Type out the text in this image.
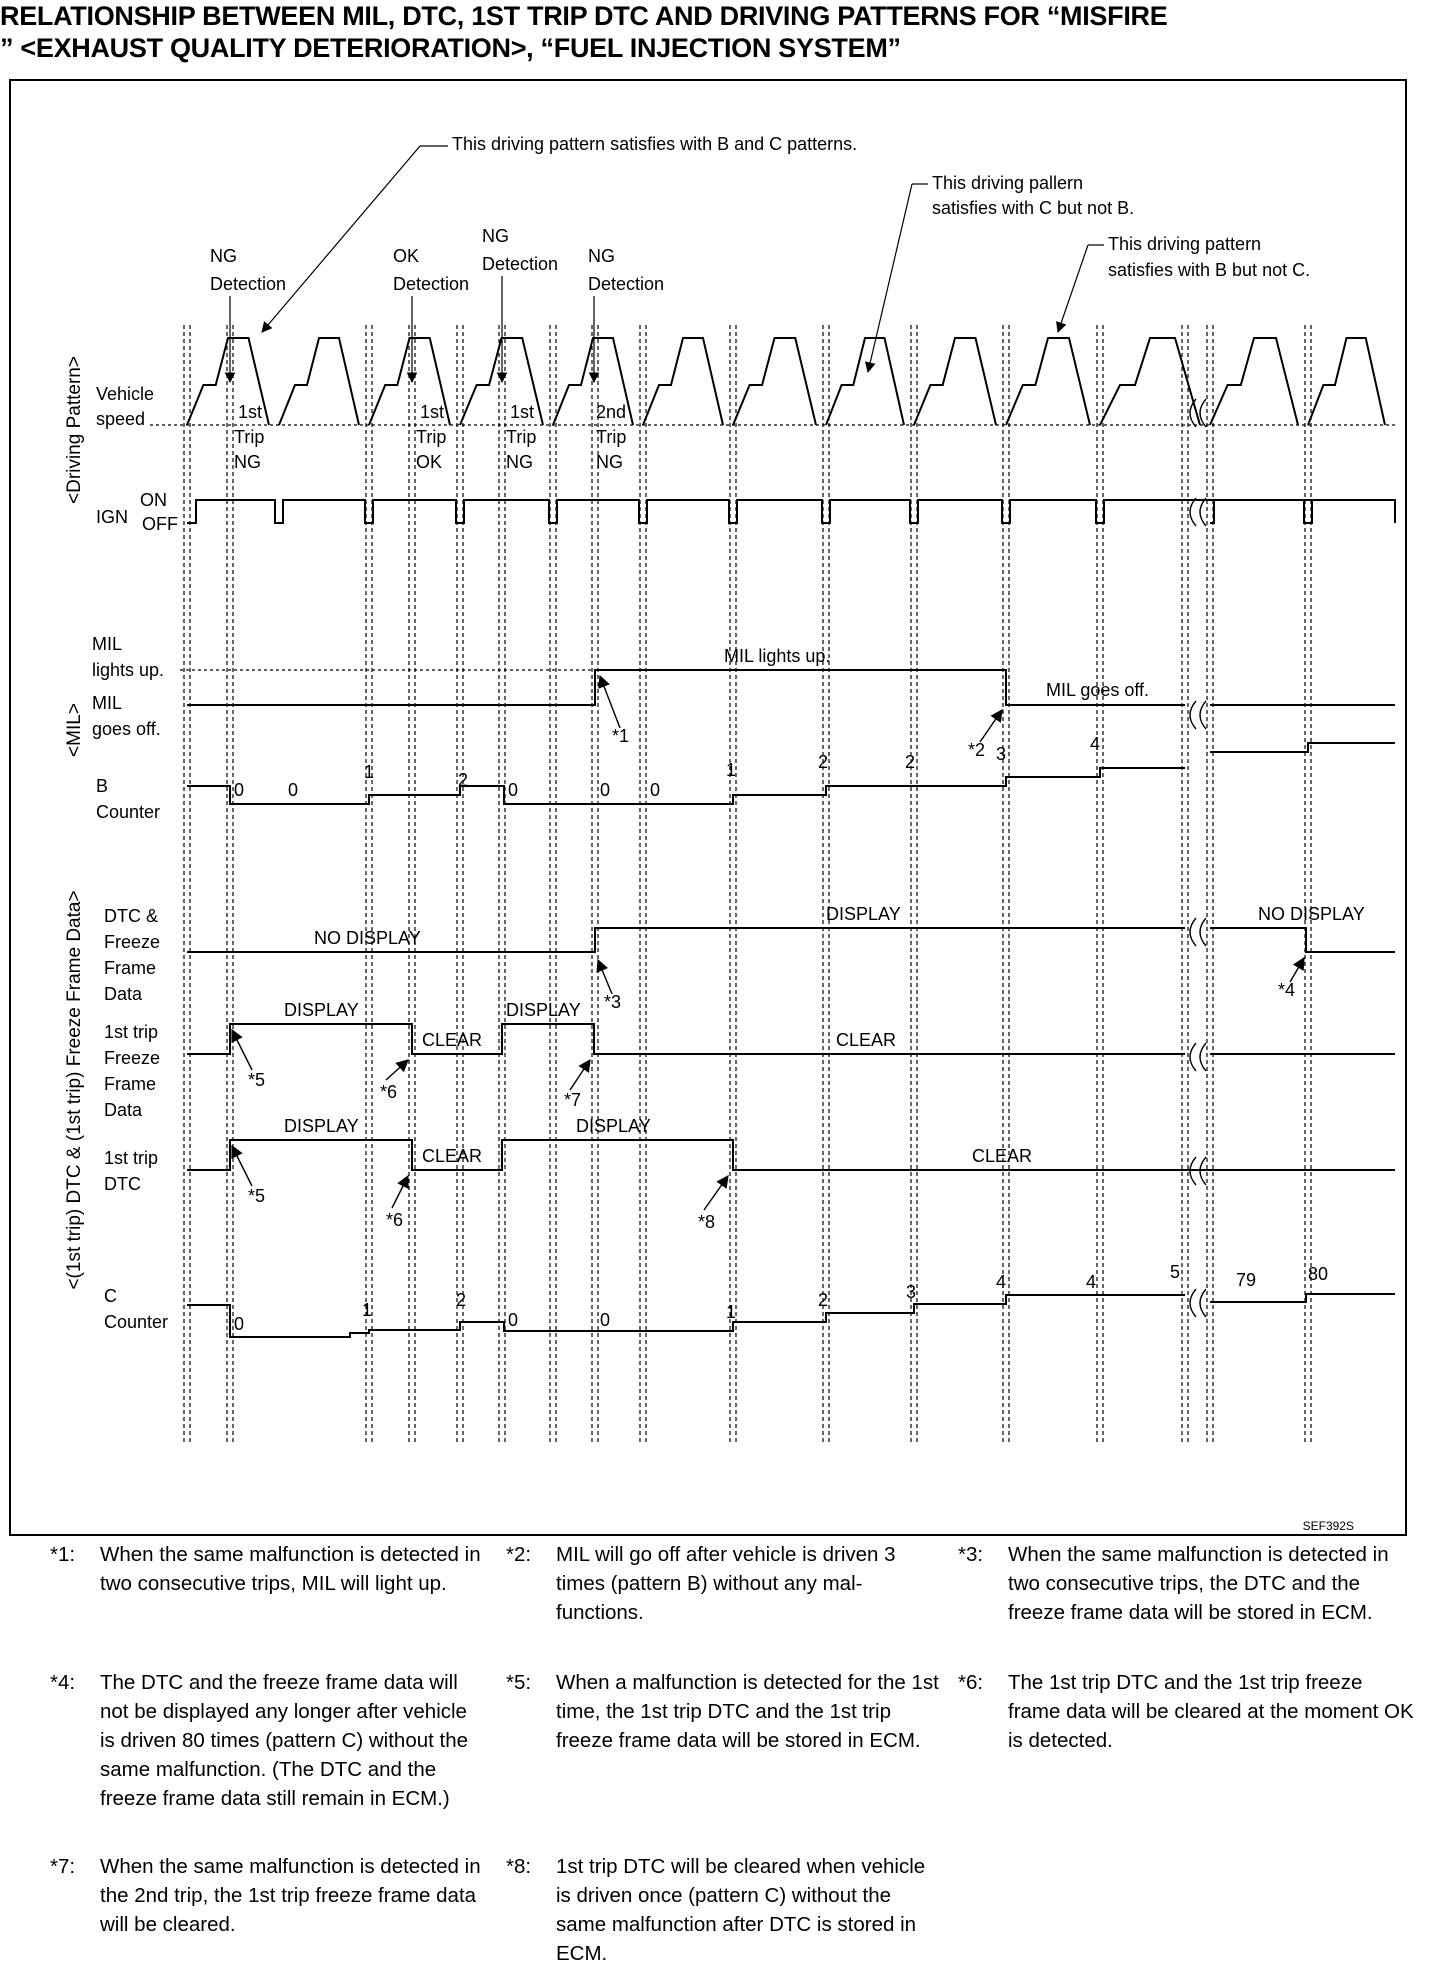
RELATIONSHIP BETWEEN MIL, DTC, 1ST TRIP DTC AND DRIVING PATTERNS FOR “MISFIRE
” <EXHAUST QUALITY DETERIORATION>, “FUEL INJECTION SYSTEM”
<Driving Pattern>
<MIL>
<(1st trip) DTC & (1st trip) Freeze Frame Data>
This driving pattern satisfies with B and C patterns.
This driving pallern
satisfies with C but not B.
This driving pattern
satisfies with B but not C.
NG
Detection
OK
Detection
NG
Detection NG
Detection
Vehicle
speed
IGN
ON
OFF
MIL
lights up.
MIL
goes off.
B
Counter
DTC &
Freeze
Frame
Data
1st trip
Freeze
Frame
Data
1st trip
DTC
C
Counter
1st
Trip
NG
1st
Trip
OK
1st
Trip
NG
2nd
Trip
NG
MIL lights up.
MIL goes off.
0 0
1	2 0	0 0
1	2	2	3	4
NO DISPLAY
DISPLAY	NO DISPLAY
DISPLAY
CLEAR
DISPLAY
CLEAR
DISPLAY
CLEAR
DISPLAY
CLEAR
0
1	2
0	0	1
2	3	4	4	5	79	80
*1
*2
*3
*4
*5
*6	*7
*5
*6	*8
SEF392S
*1:	When the same malfunction is detected in two consecutive trips, MIL will light up.
*2:	MIL will go off after vehicle is driven 3 times (pattern B) without any mal-functions.
*3:	When the same malfunction is detected in two consecutive trips, the DTC and the freeze frame data will be stored in ECM.
*4:	The DTC and the freeze frame data will not be displayed any longer after vehicle is driven 80 times (pattern C) without the same malfunction. (The DTC and the freeze frame data still remain in ECM.)
*5:	When a malfunction is detected for the 1st time, the 1st trip DTC and the 1st trip freeze frame data will be stored in ECM.
*6:	The 1st trip DTC and the 1st trip freeze frame data will be cleared at the moment OK is detected.
*7:	When the same malfunction is detected in the 2nd trip, the 1st trip freeze frame data will be cleared.
*8:	1st trip DTC will be cleared when vehicle is driven once (pattern C) without the same malfunction after DTC is stored in ECM.
